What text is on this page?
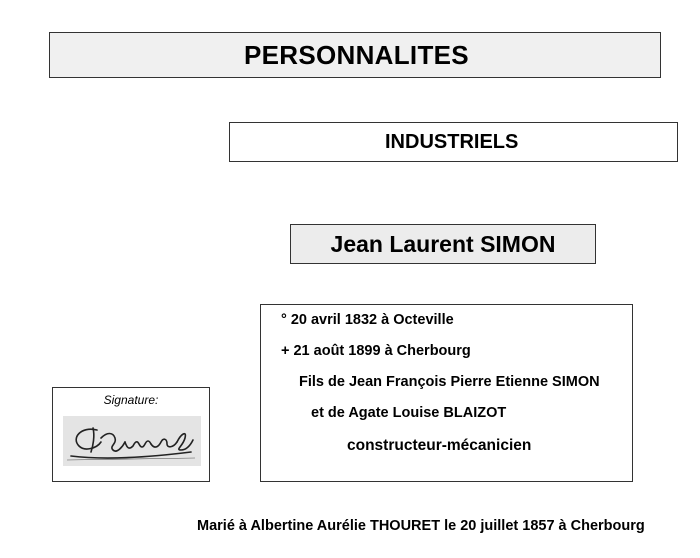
PERSONNALITES
INDUSTRIELS
Jean Laurent SIMON
° 20 avril 1832 à Octeville
+ 21 août 1899 à Cherbourg
Fils de Jean François Pierre Etienne SIMON
et de Agate Louise BLAIZOT
constructeur-mécanicien
Signature:
Marié à Albertine Aurélie THOURET le 20 juillet 1857 à Cherbourg
